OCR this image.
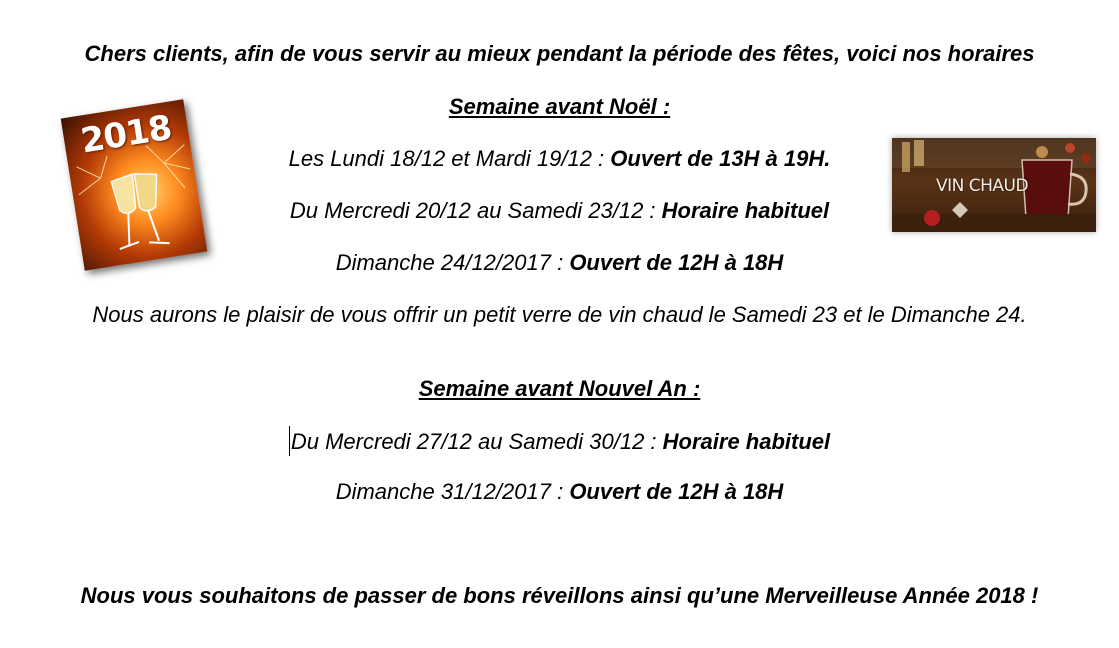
Chers clients, afin de vous servir au mieux pendant la période des fêtes, voici nos horaires
Semaine avant Noël :
Les Lundi 18/12 et Mardi 19/12 : Ouvert de 13H à 19H.
Du Mercredi 20/12 au Samedi 23/12 : Horaire habituel
Dimanche 24/12/2017 : Ouvert de 12H à 18H
Nous aurons le plaisir de vous offrir un petit verre de vin chaud le Samedi 23 et le Dimanche 24.
Semaine avant Nouvel An :
Du Mercredi 27/12 au Samedi 30/12 : Horaire habituel
Dimanche 31/12/2017 : Ouvert de 12H à 18H
Nous vous souhaitons de passer de bons réveillons ainsi qu’une Merveilleuse Année 2018 !
2018
VIN CHAUD
